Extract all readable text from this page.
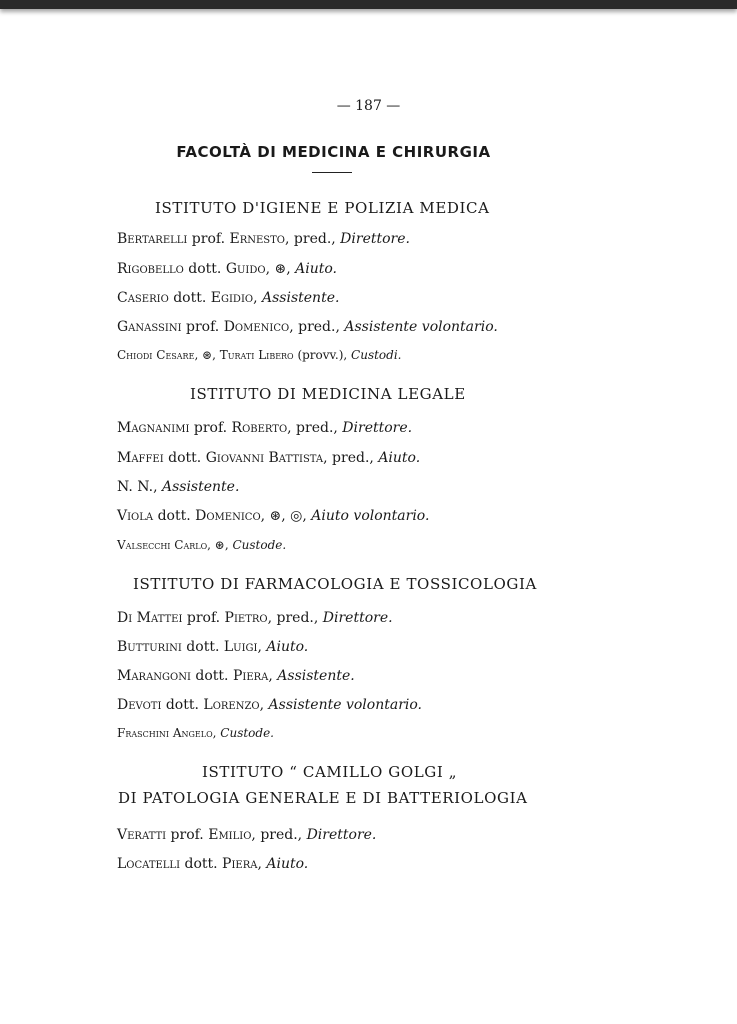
— 187 —
FACOLTÀ DI MEDICINA E CHIRURGIA
ISTITUTO D'IGIENE E POLIZIA MEDICA
Bertarelli prof. Ernesto, pred., Direttore.
Rigobello dott. Guido, ⊛, Aiuto.
Caserio dott. Egidio, Assistente.
Ganassini prof. Domenico, pred., Assistente volontario.
Chiodi Cesare, ⊛, Turati Libero (provv.), Custodi.
ISTITUTO DI MEDICINA LEGALE
Magnanimi prof. Roberto, pred., Direttore.
Maffei dott. Giovanni Battista, pred., Aiuto.
N. N., Assistente.
Viola dott. Domenico, ⊛, ◎, Aiuto volontario.
Valsecchi Carlo, ⊛, Custode.
ISTITUTO DI FARMACOLOGIA E TOSSICOLOGIA
Di Mattei prof. Pietro, pred., Direttore.
Butturini dott. Luigi, Aiuto.
Marangoni dott. Piera, Assistente.
Devoti dott. Lorenzo, Assistente volontario.
Fraschini Angelo, Custode.
ISTITUTO “ CAMILLO GOLGI „
DI PATOLOGIA GENERALE E DI BATTERIOLOGIA
Veratti prof. Emilio, pred., Direttore.
Locatelli dott. Piera, Aiuto.
